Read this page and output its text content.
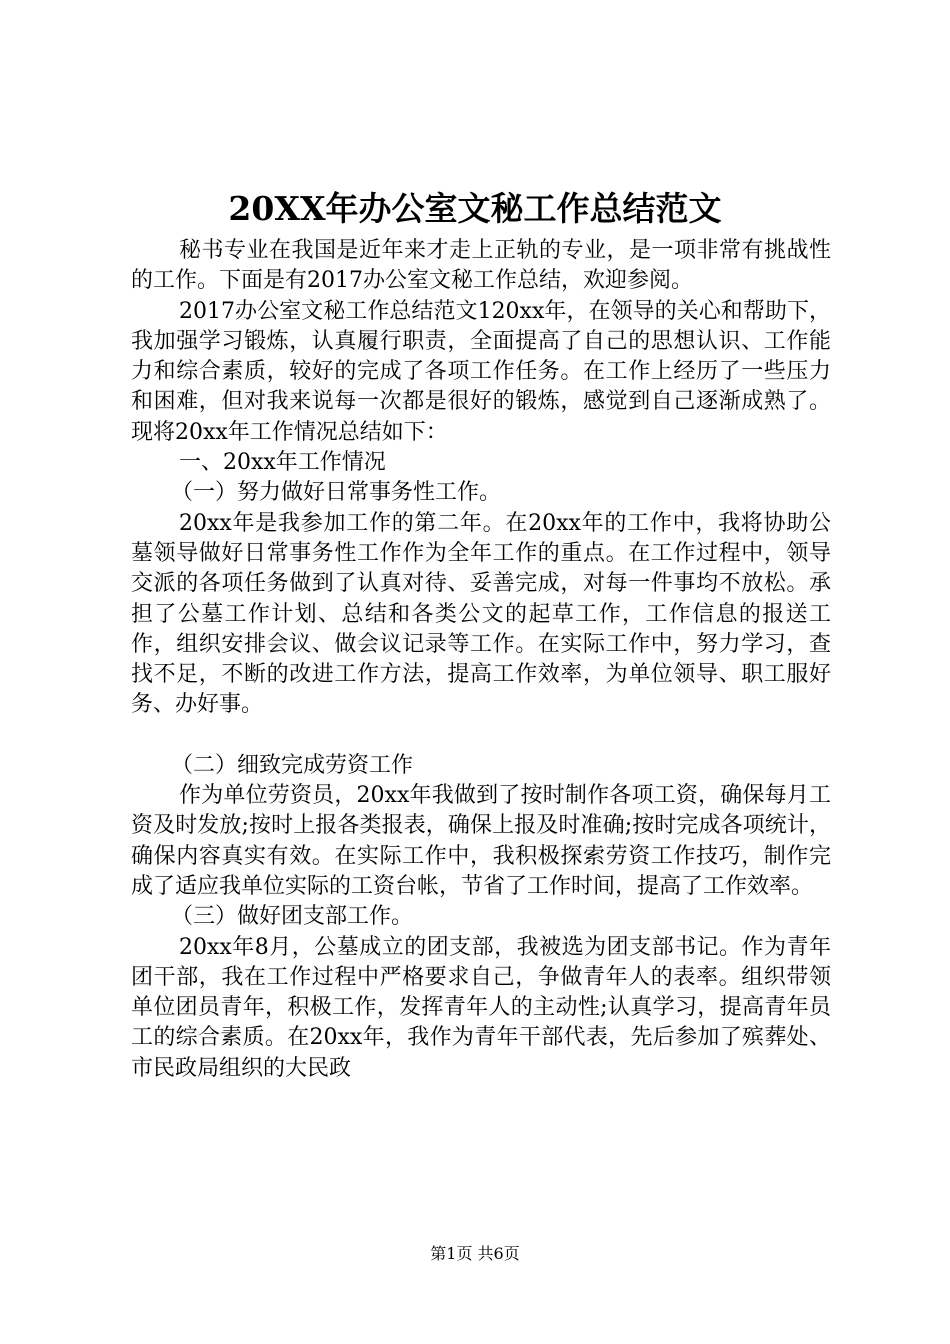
20XX年办公室文秘工作总结范文

秘书专业在我国是近年来才走上正轨的专业，是一项非常有挑战性的工作。下面是有2017办公室文秘工作总结，欢迎参阅。

2017办公室文秘工作总结范文120xx年，在领导的关心和帮助下，我加强学习锻炼，认真履行职责，全面提高了自己的思想认识、工作能力和综合素质，较好的完成了各项工作任务。在工作上经历了一些压力和困难，但对我来说每一次都是很好的锻炼，感觉到自己逐渐成熟了。现将20xx年工作情况总结如下：

一、20xx年工作情况

（一）努力做好日常事务性工作。

20xx年是我参加工作的第二年。在20xx年的工作中，我将协助公墓领导做好日常事务性工作作为全年工作的重点。在工作过程中，领导交派的各项任务做到了认真对待、妥善完成，对每一件事均不放松。承担了公墓工作计划、总结和各类公文的起草工作，工作信息的报送工作，组织安排会议、做会议记录等工作。在实际工作中，努力学习，查找不足，不断的改进工作方法，提高工作效率，为单位领导、职工服好务、办好事。

（二）细致完成劳资工作

作为单位劳资员，20xx年我做到了按时制作各项工资，确保每月工资及时发放;按时上报各类报表，确保上报及时准确;按时完成各项统计，确保内容真实有效。在实际工作中，我积极探索劳资工作技巧，制作完成了适应我单位实际的工资台帐，节省了工作时间，提高了工作效率。

（三）做好团支部工作。

20xx年8月，公墓成立的团支部，我被选为团支部书记。作为青年团干部，我在工作过程中严格要求自己，争做青年人的表率。组织带领单位团员青年，积极工作，发挥青年人的主动性;认真学习，提高青年员工的综合素质。在20xx年，我作为青年干部代表，先后参加了殡葬处、市民政局组织的大民政

第1页 共6页
